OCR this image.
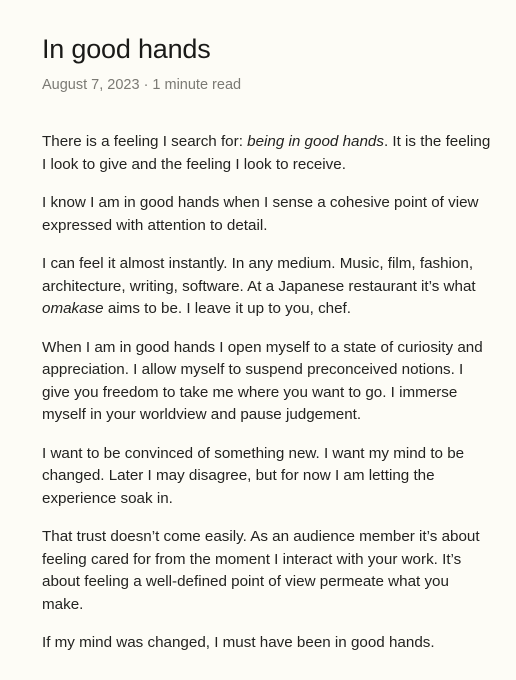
In good hands
August 7, 2023 · 1 minute read

There is a feeling I search for: being in good hands. It is the feeling I look to give and the feeling I look to receive.

I know I am in good hands when I sense a cohesive point of view expressed with attention to detail.

I can feel it almost instantly. In any medium. Music, film, fashion, architecture, writing, software. At a Japanese restaurant it’s what omakase aims to be. I leave it up to you, chef.

When I am in good hands I open myself to a state of curiosity and appreciation. I allow myself to suspend preconceived notions. I give you freedom to take me where you want to go. I immerse myself in your worldview and pause judgement.

I want to be convinced of something new. I want my mind to be changed. Later I may disagree, but for now I am letting the experience soak in.

That trust doesn’t come easily. As an audience member it’s about feeling cared for from the moment I interact with your work. It’s about feeling a well-defined point of view permeate what you make.

If my mind was changed, I must have been in good hands.
